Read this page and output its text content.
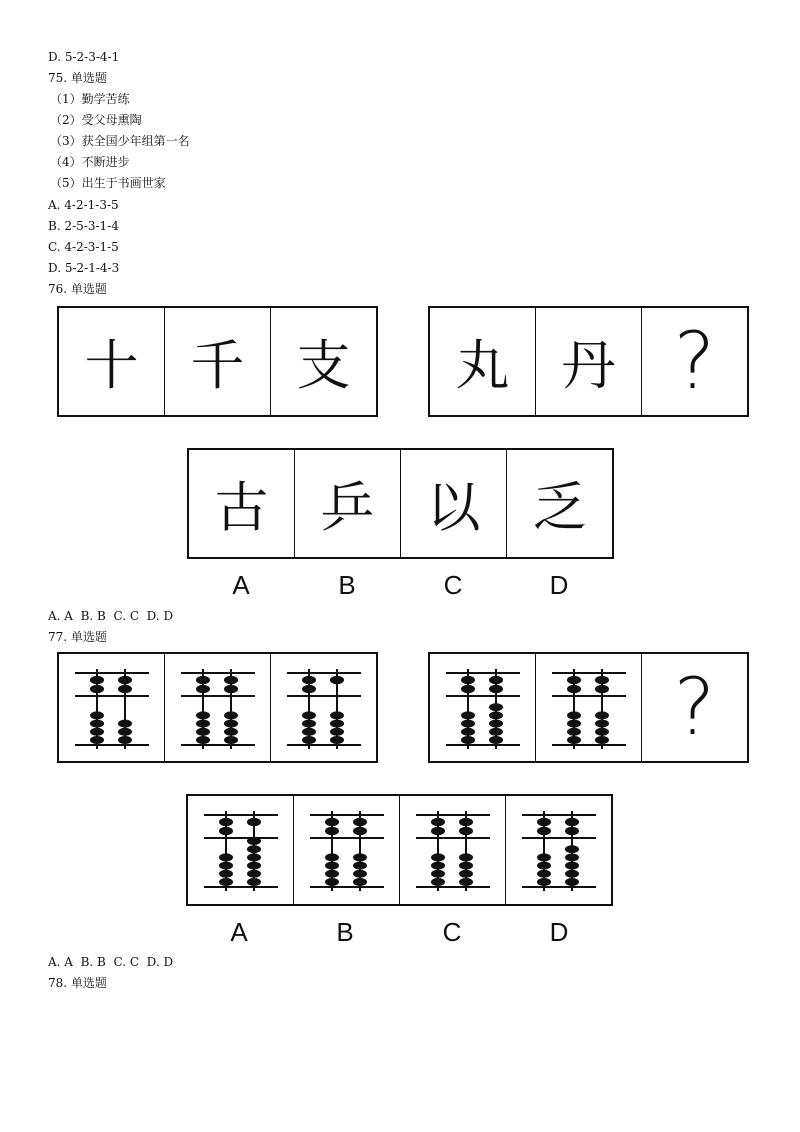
D. 5-2-3-4-1
75. 单选题
（1）勤学苦练
（2）受父母熏陶
（3）获全国少年组第一名
（4）不断进步
（5）出生于书画世家
A. 4-2-1-3-5
B. 2-5-3-1-4
C. 4-2-3-1-5
D. 5-2-1-4-3
76. 单选题
十 千 支	丸 丹 ?
古 乒 以 乏
A	B	C	D
A. A  B. B  C. C  D. D
77. 单选题
?
A	B	C	D
A. A  B. B  C. C  D. D
78. 单选题
